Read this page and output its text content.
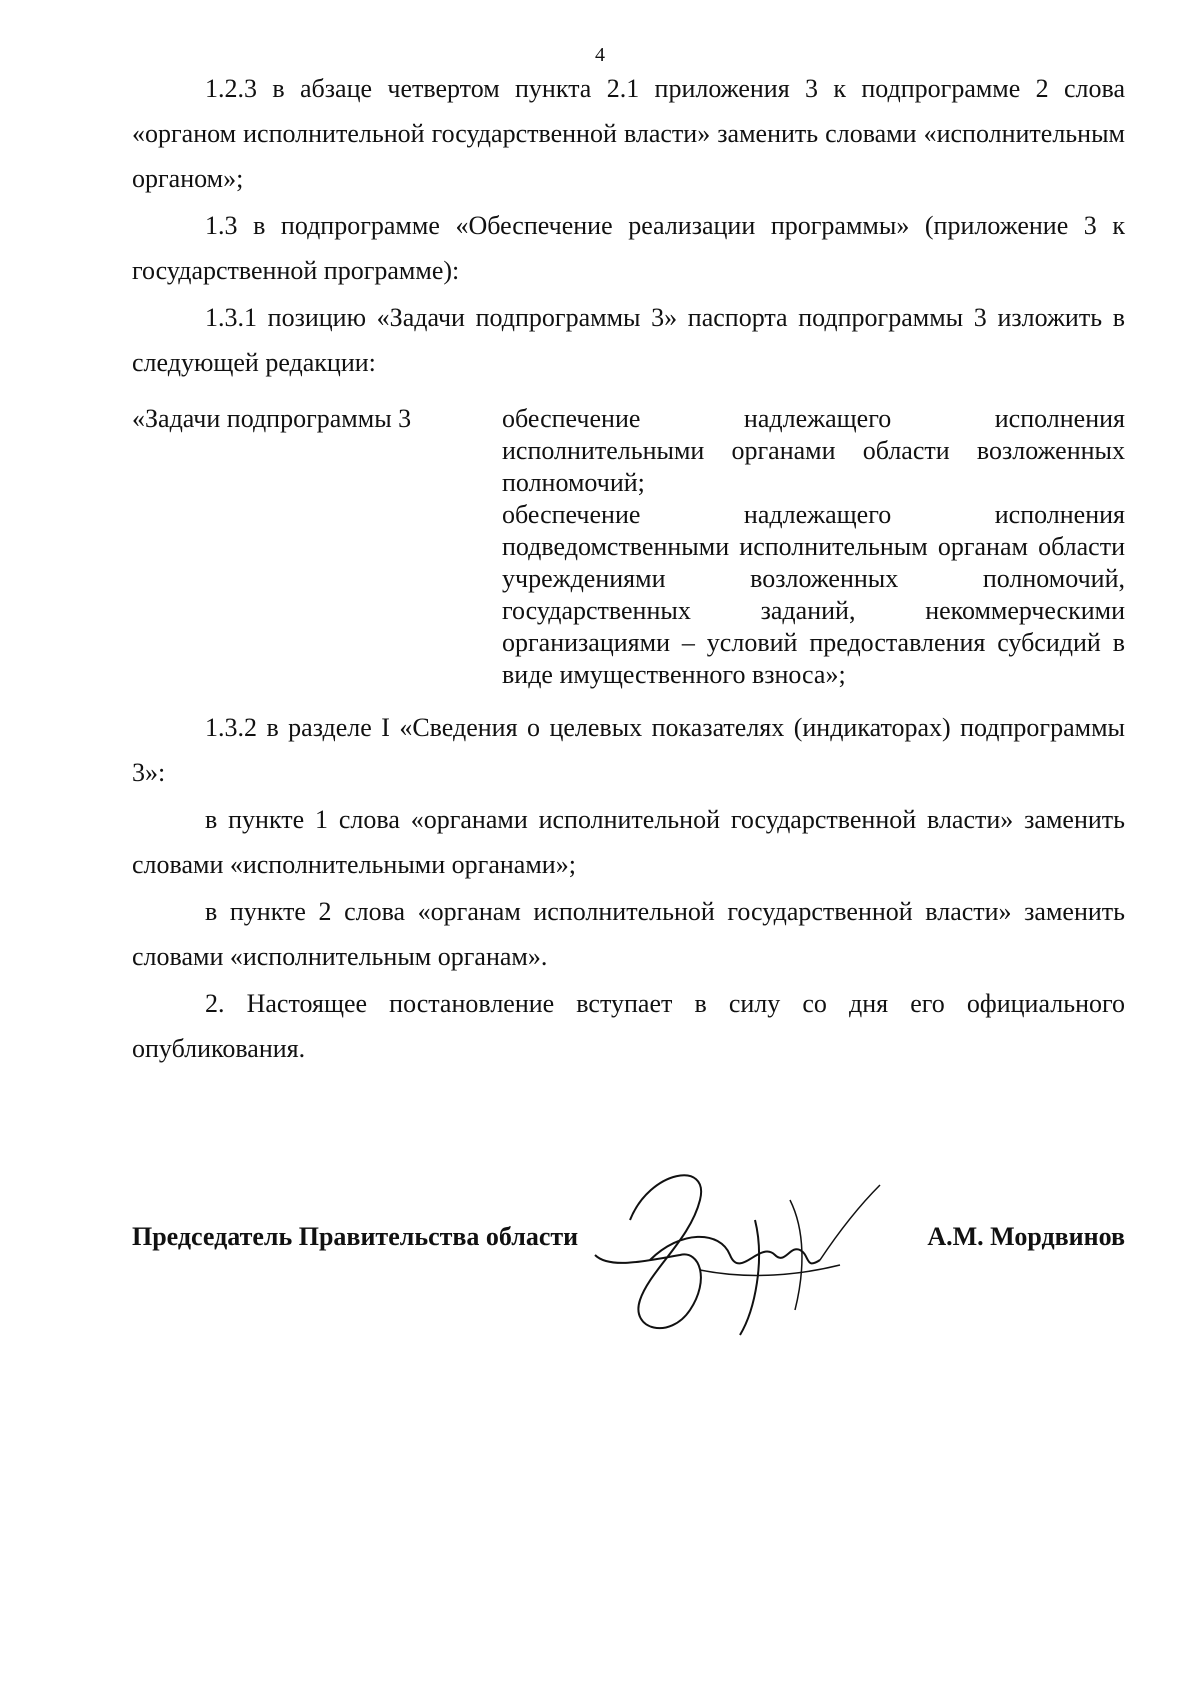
4

1.2.3 в абзаце четвертом пункта 2.1 приложения 3 к подпрограмме 2 слова «органом исполнительной государственной власти» заменить словами «исполнительным органом»;

1.3 в подпрограмме «Обеспечение реализации программы» (приложение 3 к государственной программе):

1.3.1 позицию «Задачи подпрограммы 3» паспорта подпрограммы 3 изложить в следующей редакции:

«Задачи подпрограммы 3	обеспечение надлежащего исполнения исполнительными органами области возложенных полномочий;
обеспечение надлежащего исполнения подведомственными исполнительным органам области учреждениями возложенных полномочий, государственных заданий, некоммерческими организациями – условий предоставления субсидий в виде имущественного взноса»;

1.3.2 в разделе I «Сведения о целевых показателях (индикаторах) подпрограммы 3»:

в пункте 1 слова «органами исполнительной государственной власти» заменить словами «исполнительными органами»;

в пункте 2 слова «органам исполнительной государственной власти» заменить словами «исполнительным органам».

2. Настоящее постановление вступает в силу со дня его официального опубликования.

Председатель Правительства области	А.М. Мордвинов
